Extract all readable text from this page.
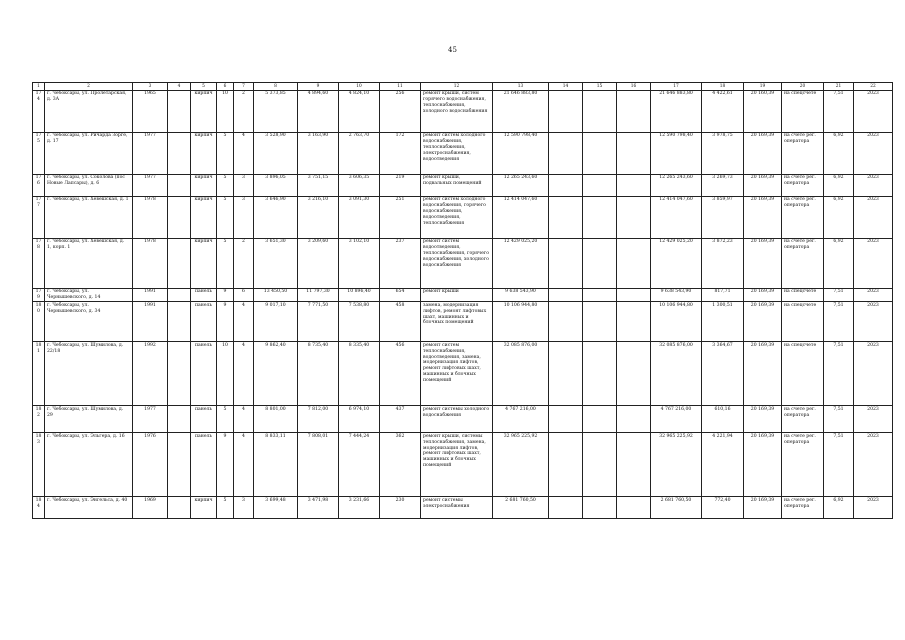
45
1	2	3	4	5	6	7	8	9	10	11	12	13	14	15	16	17	18	19	20	21	22
174	г. Чебоксары, ул. Пролетарская, д. 3А	1965		кирпич	10	2	5 373,85	4 894,60	4 824,10	256	ремонт крыши, систем горячего водоснабжения, теплоснабжения, холодного водоснабжения	21 646 883,80				21 646 883,80	4 422,61	20 160,39	на спецсчете	7,51	2023
175	г. Чебоксары, ул. Ричарда Зорге, д. 17	1977		кирпич	5	4	3 528,90	3 163,90	2 763,70	172	ремонт систем холодного водоснабжения, теплоснабжения, электроснабжения, водоотведения	12 590 798,40				12 590 798,40	3 978,75	20 169,39	на счете рег. оператора	6,92	2023
176	г. Чебоксары, ул. Соколова (пос Новые Лапсары), д. 6	1977		кирпич	5	3	3 896,05	3 751,15	3 606,35	219	ремонт крыши, подвальных помещений	12 265 243,60				12 265 243,60	3 269,73	20 169,39	на счете рег. оператора	6,92	2023
177	г. Чебоксары, ул. Хевешская, д. 1	1978		кирпич	5	3	3 646,90	3 216,10	3 091,30	251	ремонт систем холодного водоснабжения, горячего водоснабжения, водоотведения, теплоснабжения	12 414 047,60				12 414 047,60	3 859,97	20 169,39	на счете рег. оператора	6,92	2023
178	г. Чебоксары, ул. Хевешская, д. 1, корп. 1	1978		кирпич	5	2	3 651,30	3 209,60	3 102,10	237	ремонт систем водоотведения, теплоснабжения, горячего водоснабжения, холодного водоснабжения	12 429 025,20				12 429 025,20	3 872,23	20 169,39	на счете рег. оператора	6,92	2023
179	г. Чебоксары, ул. Чернышевского, д. 14	1991		панель	9	6	13 450,50	11 797,30	10 896,40	654	ремонт крыши	9 638 543,90				9 638 543,90	817,71	20 169,39	на спецсчете	7,51	2023
180	г. Чебоксары, ул. Чернышевского, д. 34	1991		панель	9	4	9 017,10	7 771,50	7 538,80	458	замена, модернизация лифтов, ремонт лифтовых шахт, машинных и блочных помещений	10 106 944,80				10 106 944,80	1 300,51	20 169,39	на спецсчете	7,51	2023
181	г. Чебоксары, ул. Шумилова, д. 22/18	1992		панель	10	4	9 862,40	8 735,40	8 335,40	456	ремонт систем теплоснабжения, водоотведения, замена, модернизация лифтов, ремонт лифтовых шахт, машинных и блочных помещений	32 085 876,00				32 085 876,00	3 364,67	20 169,39	на спецсчете	7,51	2023
182	г. Чебоксары, ул. Шумилова, д. 29	1977		панель	5	4	8 801,00	7 812,00	6 974,10	437	ремонт системы холодного водоснабжения	4 767 216,00				4 767 216,00	610,16	20 169,39	на счете рег. оператора	7,51	2023
183	г. Чебоксары, ул. Эльгера, д. 16	1976		панель	9	4	8 833,11	7 808,01	7 444,24	362	ремонт крыши, системы теплоснабжения, замена, модернизация лифтов, ремонт лифтовых шахт, машинных и блочных помещений	32 965 225,92				32 965 225,92	4 221,94	20 169,39	на счете рег. оператора	7,51	2023
184	г. Чебоксары, ул. Энгельса, д. 40	1969		кирпич	5	3	3 699,48	3 471,98	3 231,66	230	ремонт системы электроснабжения	2 681 760,50				2 681 760,50	772,40	20 169,39	на счете рег. оператора	6,92	2023
